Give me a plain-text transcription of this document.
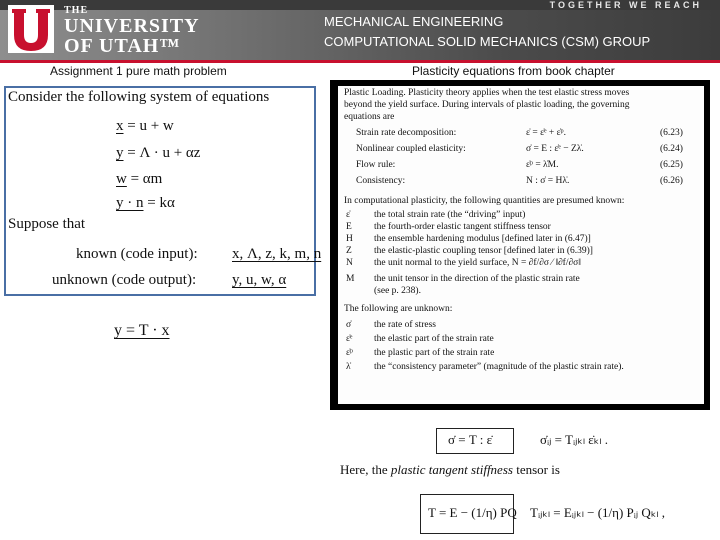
TOGETHER WE REACH
THE
UNIVERSITY
OF UTAH™
MECHANICAL ENGINEERING
COMPUTATIONAL SOLID MECHANICS (CSM) GROUP
Assignment 1 pure math problem	Plasticity equations from book chapter
Consider the following system of equations
x = u + w
y = Λ · u + αz
w = αm
y · n = kα
Suppose that
known (code input): x, Λ, z, k, m, n
unknown (code output): y, u, w, α
y = T · x
Plastic Loading. Plasticity theory applies when the test elastic stress moves
beyond the yield surface. During intervals of plastic loading, the governing
equations are
Strain rate decomposition:	ε̇ = ε̇ᵉ + ε̇ᵖ.	(6.23)
Nonlinear coupled elasticity:	σ̇ = E : ε̇ᵉ − Zλ̇.	(6.24)
Flow rule:	ε̇ᵖ = λ̇M.	(6.25)
Consistency:	N : σ̇ = Hλ̇.	(6.26)
In computational plasticity, the following quantities are presumed known:
ε̇	the total strain rate (the “driving” input)
E	the fourth-order elastic tangent stiffness tensor
H	the ensemble hardening modulus [defined later in (6.47)]
Z	the elastic-plastic coupling tensor [defined later in (6.39)]
N	the unit normal to the yield surface, N = ∂f/∂σ ⁄ ‖∂f/∂σ‖
M	the unit tensor in the direction of the plastic strain rate
(see p. 238).
The following are unknown:
σ̇	the rate of stress
ε̇ᵉ	the elastic part of the strain rate
ε̇ᵖ	the plastic part of the strain rate
λ̇	the “consistency parameter” (magnitude of the plastic strain rate).
σ̇ = T : ε̇	σ̇ᵢⱼ = Tᵢⱼₖₗ ε̇ₖₗ .
Here, the plastic tangent stiffness tensor is
T = E − (1/η) PQ Tᵢⱼₖₗ = Eᵢⱼₖₗ − (1/η) Pᵢⱼ Qₖₗ ,
